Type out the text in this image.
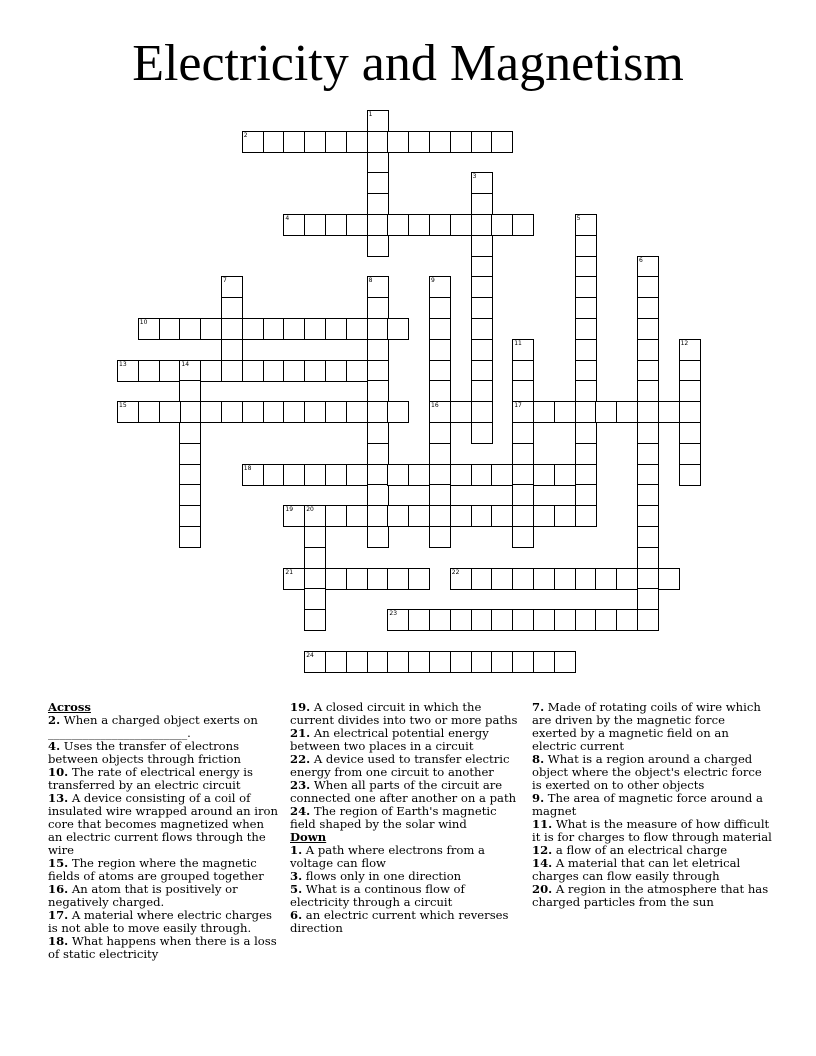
Electricity and Magnetism
1
2
3
4	5
6
7	8	9
16
10
11
17
12
13	14
15
18
19 20
21	22
23
24
Across
2. When a charged object exerts on ________________________.
4. Uses the transfer of electrons between objects through friction
10. The rate of electrical energy is transferred by an electric circuit
13. A device consisting of a coil of insulated wire wrapped around an iron core that becomes magnetized when an electric current flows through the wire
15. The region where the magnetic fields of atoms are grouped together
16. An atom that is positively or negatively charged.
17. A material where electric charges is not able to move easily through.
18. What happens when there is a loss of static electricity
19. A closed circuit in which the current divides into two or more paths
21. An electrical potential energy between two places in a circuit
22. A device used to transfer electric energy from one circuit to another
23. When all parts of the circuit are connected one after another on a path
24. The region of Earth's magnetic field shaped by the solar wind
Down
1. A path where electrons from a voltage can flow
3. flows only in one direction
5. What is a continous flow of electricity through a circuit
6. an electric current which reverses direction
7. Made of rotating coils of wire which are driven by the magnetic force exerted by a magnetic field on an electric current
8. What is a region around a charged object where the object's electric force is exerted on to other objects
9. The area of magnetic force around a magnet
11. What is the measure of how difficult it is for charges to flow through material
12. a flow of an electrical charge
14. A material that can let eletrical charges can flow easily through
20. A region in the atmosphere that has charged particles from the sun
